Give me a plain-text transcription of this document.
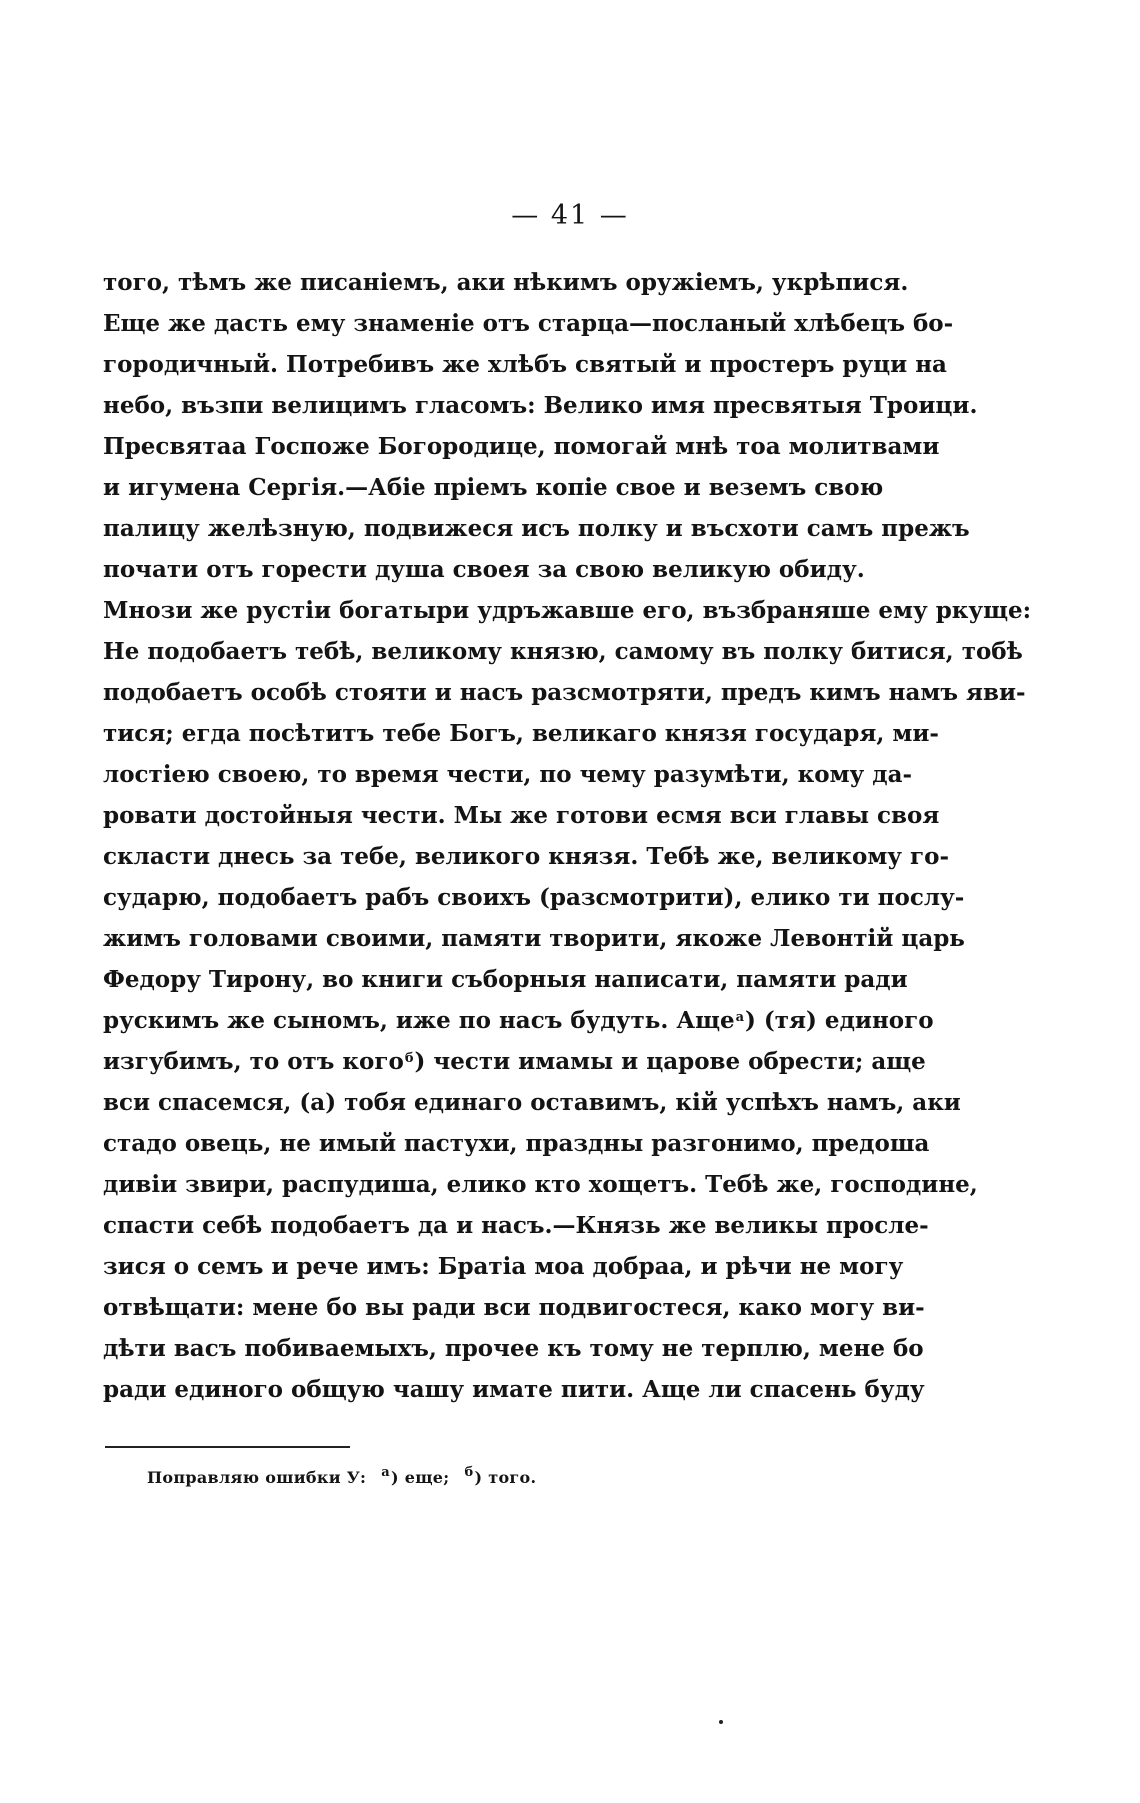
— 41 —
того, тѣмъ же писаніемъ, аки нѣкимъ оружіемъ, укрѣпися.
Еще же дасть ему знаменіе отъ старца—посланый хлѣбецъ бо-
городичный. Потребивъ же хлѣбъ святый и простеръ руци на
небо, възпи велицимъ гласомъ: Велико имя пресвятыя Троици.
Пресвятаа Госпоже Богородице, помогай мнѣ тоа молитвами
и игумена Сергія.—Абіе пріемъ копіе свое и веземъ свою
палицу желѣзную, подвижеся исъ полку и въсхоти самъ прежъ
почати отъ горести душа своея за свою великую обиду.
Мнози же рустіи богатыри удръжавше его, възбраняше ему ркуще:
Не подобаетъ тебѣ, великому князю, самому въ полку битися, тобѣ
подобаетъ особѣ стояти и насъ разсмотряти, предъ кимъ намъ яви-
тися; егда посѣтитъ тебе Богъ, великаго князя государя, ми-
лостіею своею, то время чести, по чему разумѣти, кому да-
ровати достойныя чести. Мы же готови есмя вси главы своя
скласти днесь за тебе, великого князя. Тебѣ же, великому го-
сударю, подобаетъ рабъ своихъ (разсмотрити), елико ти послу-
жимъ головами своими, памяти творити, якоже Левонтій царь
Федору Тирону, во книги съборныя написати, памяти ради
рускимъ же сыномъ, иже по насъ будуть. Аще$^а$) (тя) единого
изгубимъ, то отъ кого$^б$) чести имамы и царове обрести; аще
вси спасемся, (а) тобя единаго оставимъ, кій успѣхъ намъ, аки
стадо овець, не имый пастухи, праздны разгонимо, предоша
дивіи звири, распудиша, елико кто хощетъ. Тебѣ же, господине,
спасти себѣ подобаетъ да и насъ.—Князь же великы прослe-
зися о семъ и рече имъ: Братіа моа добраа, и рѣчи не могу
отвѣщати: мене бо вы ради вси подвигостеся, како могу ви-
дѣти васъ побиваемыхъ, прочее къ тому не терплю, мене бо
ради единого общую чашу имате пити. Аще ли спасень буду
Поправляю ошибки У: $^а$) еще; $^б$) того.
